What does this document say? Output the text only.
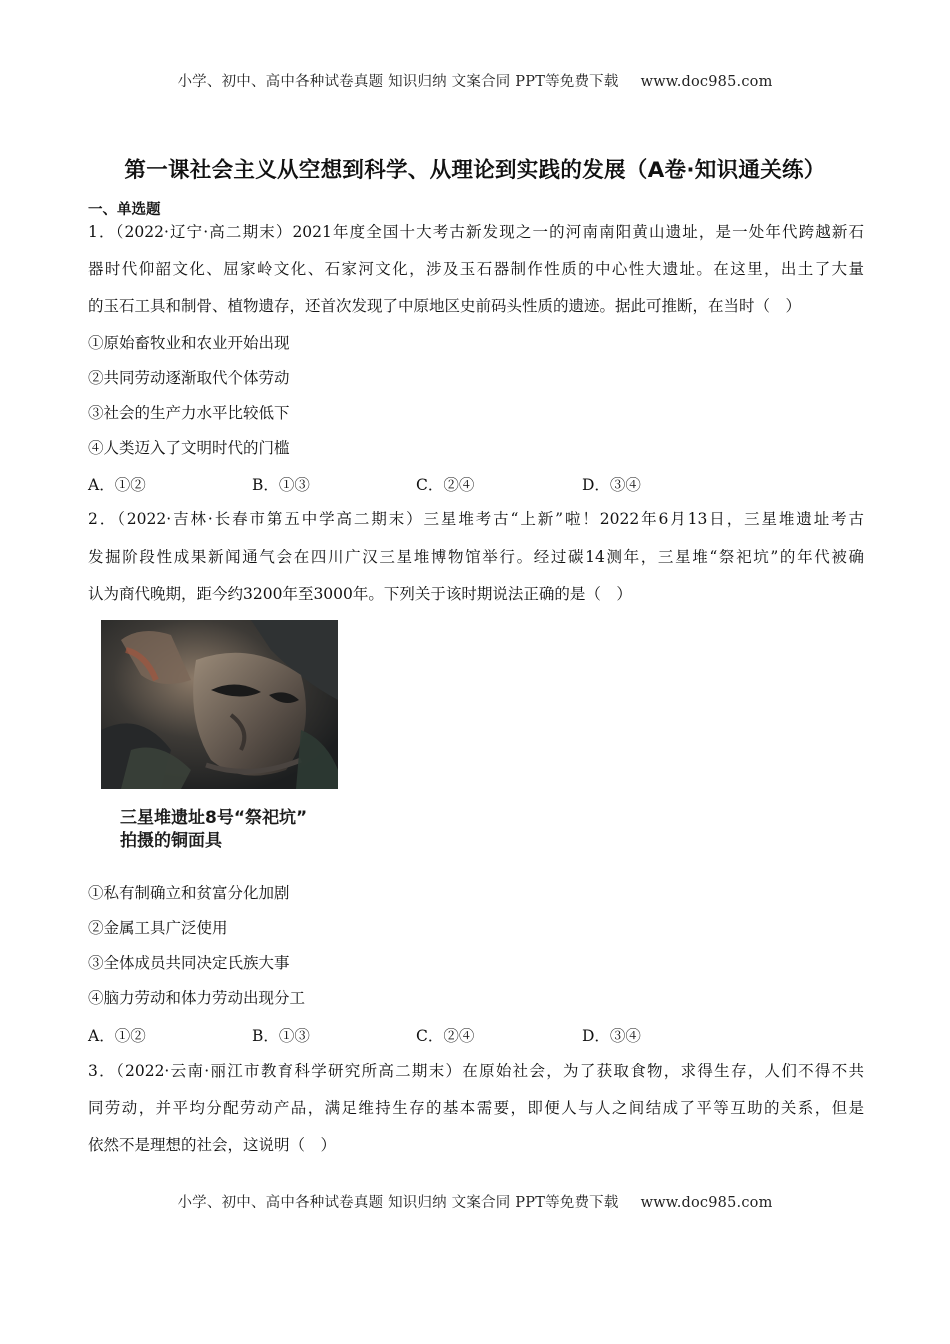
小学、初中、高中各种试卷真题 知识归纳 文案合同 PPT等免费下载 www.doc985.com
第一课社会主义从空想到科学、从理论到实践的发展（A卷·知识通关练）
一、单选题
1．（2022·辽宁·高二期末）2021年度全国十大考古新发现之一的河南南阳黄山遗址，是一处年代跨越新石
器时代仰韶文化、屈家岭文化、石家河文化，涉及玉石器制作性质的中心性大遗址。在这里，出土了大量
的玉石工具和制骨、植物遗存，还首次发现了中原地区史前码头性质的遗迹。据此可推断，在当时（　）
①原始畜牧业和农业开始出现
②共同劳动逐渐取代个体劳动
③社会的生产力水平比较低下
④人类迈入了文明时代的门槛
A．①②	B．①③	C．②④	D．③④
2．（2022·吉林·长春市第五中学高二期末）三星堆考古“上新”啦！2022年6月13日，三星堆遗址考古
发掘阶段性成果新闻通气会在四川广汉三星堆博物馆举行。经过碳14测年，三星堆“祭祀坑”的年代被确
认为商代晚期，距今约3200年至3000年。下列关于该时期说法正确的是（　）
三星堆遗址8号“祭祀坑”
拍摄的铜面具
①私有制确立和贫富分化加剧
②金属工具广泛使用
③全体成员共同决定氏族大事
④脑力劳动和体力劳动出现分工
A．①②	B．①③	C．②④	D．③④
3．（2022·云南·丽江市教育科学研究所高二期末）在原始社会，为了获取食物，求得生存，人们不得不共
同劳动，并平均分配劳动产品，满足维持生存的基本需要，即便人与人之间结成了平等互助的关系，但是
依然不是理想的社会，这说明（　）
小学、初中、高中各种试卷真题 知识归纳 文案合同 PPT等免费下载 www.doc985.com
